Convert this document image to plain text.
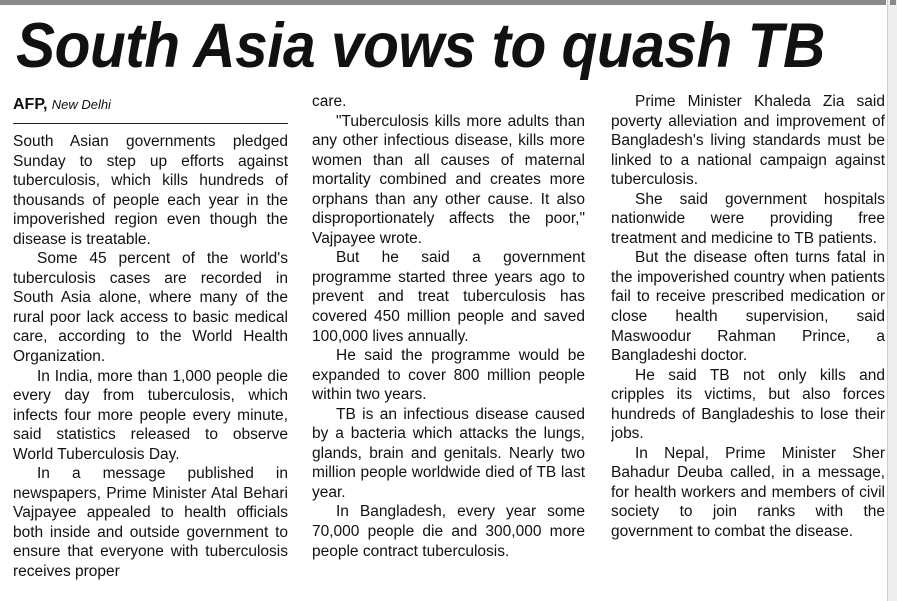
South Asia vows to quash TB
AFP, New Delhi

South Asian governments pledged Sunday to step up efforts against tuberculosis, which kills hundreds of thousands of people each year in the impoverished region even though the disease is treatable.

Some 45 percent of the world's tuberculosis cases are recorded in South Asia alone, where many of the rural poor lack access to basic medical care, according to the World Health Organization.

In India, more than 1,000 people die every day from tuberculosis, which infects four more people every minute, said statistics released to observe World Tuberculosis Day.

In a message published in newspapers, Prime Minister Atal Behari Vajpayee appealed to health officials both inside and outside government to ensure that everyone with tuberculosis receives proper

care.

"Tuberculosis kills more adults than any other infectious disease, kills more women than all causes of maternal mortality combined and creates more orphans than any other cause. It also disproportionately affects the poor," Vajpayee wrote.

But he said a government programme started three years ago to prevent and treat tuberculosis has covered 450 million people and saved 100,000 lives annually.

He said the programme would be expanded to cover 800 million people within two years.

TB is an infectious disease caused by a bacteria which attacks the lungs, glands, brain and genitals. Nearly two million people worldwide died of TB last year.

In Bangladesh, every year some 70,000 people die and 300,000 more people contract tuberculosis.

Prime Minister Khaleda Zia said poverty alleviation and improvement of Bangladesh's living standards must be linked to a national campaign against tuberculosis.

She said government hospitals nationwide were providing free treatment and medicine to TB patients.

But the disease often turns fatal in the impoverished country when patients fail to receive prescribed medication or close health supervision, said Maswoodur Rahman Prince, a Bangladeshi doctor.

He said TB not only kills and cripples its victims, but also forces hundreds of Bangladeshis to lose their jobs.

In Nepal, Prime Minister Sher Bahadur Deuba called, in a message, for health workers and members of civil society to join ranks with the government to combat the disease.
